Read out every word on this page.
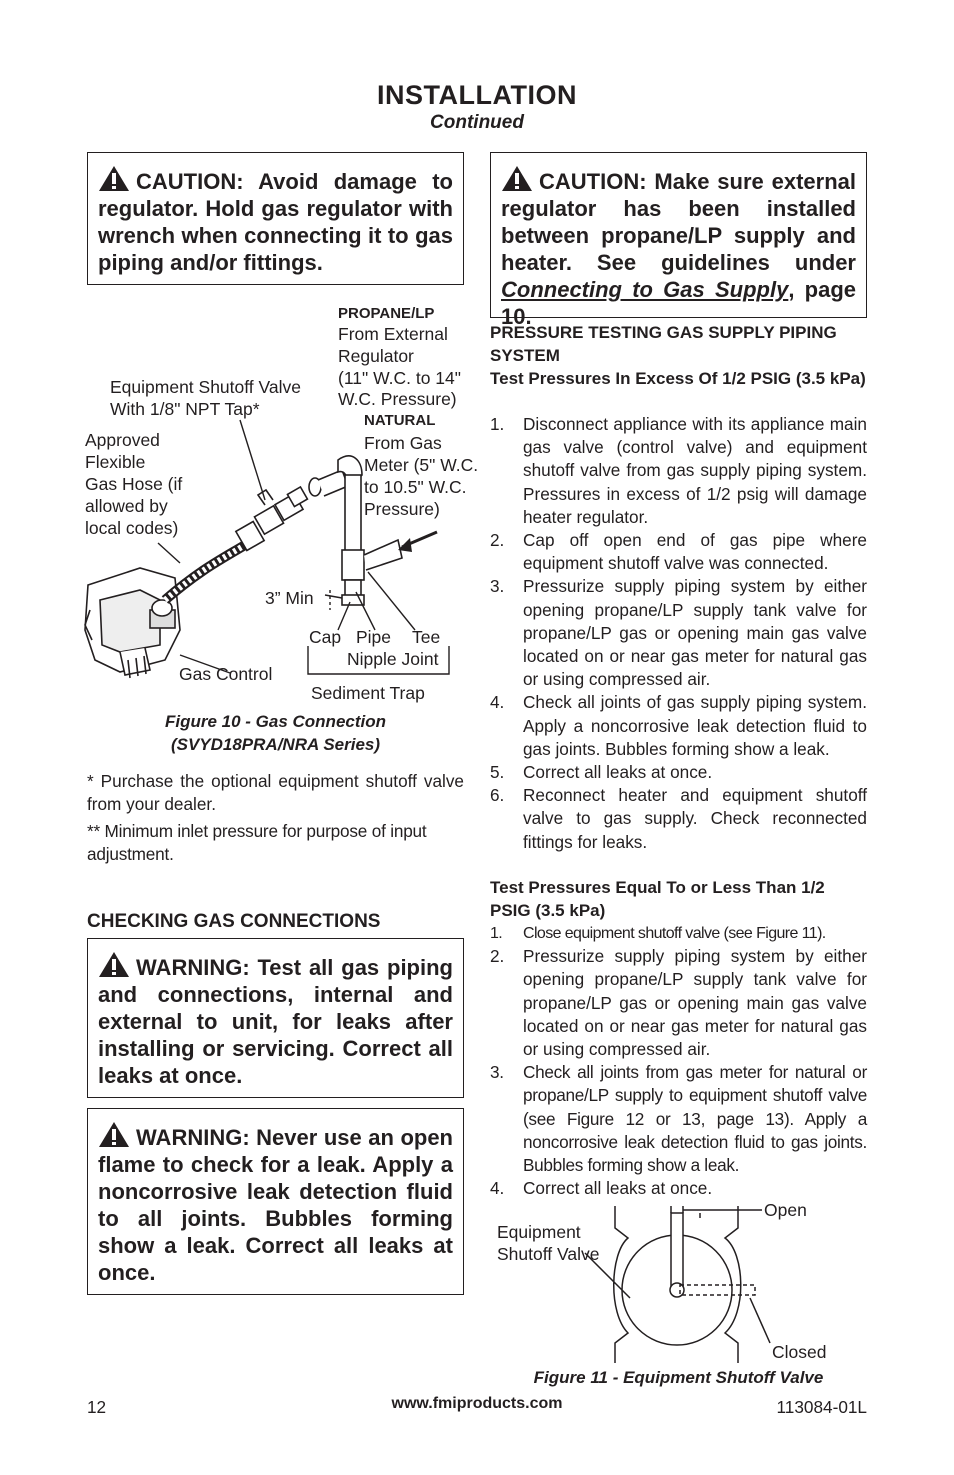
INSTALLATION
Continued
CAUTION: Avoid damage to regulator. Hold gas regulator with wrench when connecting it to gas piping and/or fittings.
PROPANE/LP
From External
Regulator
(11" W.C. to 14"
W.C. Pressure)
NATURAL
From Gas
Meter (5" W.C.
to 10.5" W.C.
Pressure)
Equipment Shutoff Valve
With 1/8" NPT Tap*
Approved
Flexible
Gas Hose (if
allowed by
local codes)
3” Min
Cap Pipe Tee
Nipple Joint
Gas Control
Sediment Trap
Figure 10 - Gas Connection
(SVYD18PRA/NRA Series)
* Purchase the optional equipment shutoff valve from your dealer.
** Minimum inlet pressure for purpose of input adjustment.
CHECKING GAS CONNECTIONS
WARNING: Test all gas piping and connections, internal and external to unit, for leaks after installing or servicing. Correct all leaks at once.
WARNING: Never use an open flame to check for a leak. Apply a noncorrosive leak detection fluid to all joints. Bubbles forming show a leak. Correct all leaks at once.
CAUTION: Make sure external regulator has been installed between propane/LP supply and heater. See guidelines under Connecting to Gas Supply, page 10.
PRESSURE TESTING GAS SUPPLY PIPING SYSTEM
Test Pressures In Excess Of 1/2 PSIG (3.5 kPa)
1. Disconnect appliance with its appliance main gas valve (control valve) and equipment shutoff valve from gas supply piping system. Pressures in excess of 1/2 psig will damage heater regulator.
2. Cap off open end of gas pipe where equipment shutoff valve was connected.
3. Pressurize supply piping system by either opening propane/LP supply tank valve for propane/LP gas or opening main gas valve located on or near gas meter for natural gas or using compressed air.
4. Check all joints of gas supply piping system. Apply a noncorrosive leak detection fluid to gas joints. Bubbles forming show a leak.
5. Correct all leaks at once.
6. Reconnect heater and equipment shutoff valve to gas supply. Check reconnected fittings for leaks.
Test Pressures Equal To or Less Than 1/2 PSIG (3.5 kPa)
1. Close equipment shutoff valve (see Figure 11).
2. Pressurize supply piping system by either opening propane/LP supply tank valve for propane/LP gas or opening main gas valve located on or near gas meter for natural gas or using compressed air.
3. Check all joints from gas meter for natural or propane/LP supply to equipment shutoff valve (see Figure 12 or 13, page 13). Apply a noncorrosive leak detection fluid to gas joints. Bubbles forming show a leak.
4. Correct all leaks at once.
Open
Equipment
Shutoff Valve
Closed
Figure 11 - Equipment Shutoff Valve
12	www.fmiproducts.com	113084-01L
